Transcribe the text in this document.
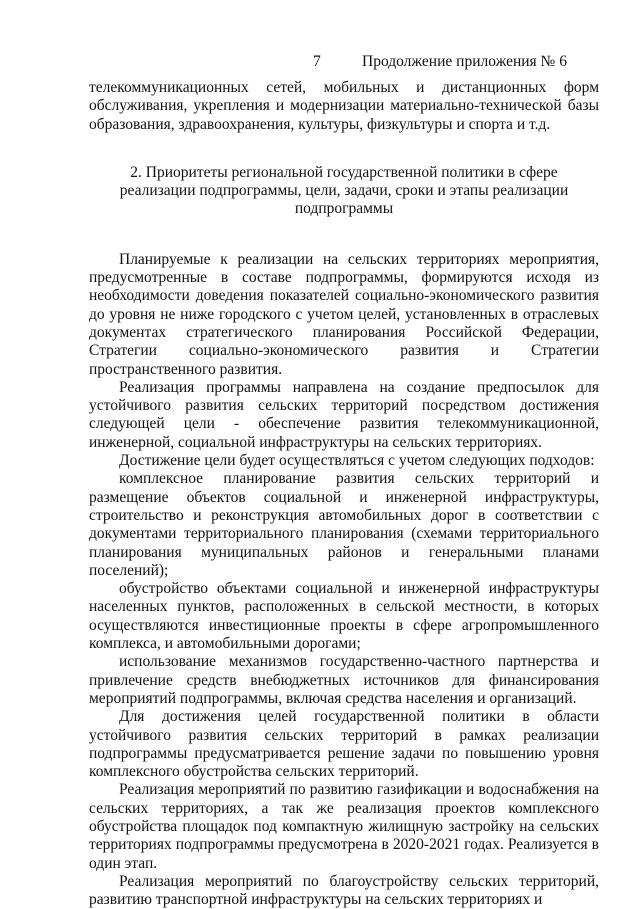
7	Продолжение приложения № 6

телекоммуникационных сетей, мобильных и дистанционных форм обслуживания, укрепления и модернизации материально-технической базы образования, здравоохранения, культуры, физкультуры и спорта и т.д.

2. Приоритеты региональной государственной политики в сфере реализации подпрограммы, цели, задачи, сроки и этапы реализации подпрограммы

Планируемые к реализации на сельских территориях мероприятия, предусмотренные в составе подпрограммы, формируются исходя из необходимости доведения показателей социально-экономического развития до уровня не ниже городского с учетом целей, установленных в отраслевых документах стратегического планирования Российской Федерации, Стратегии социально-экономического развития и Стратегии пространственного развития.

Реализация программы направлена на создание предпосылок для устойчивого развития сельских территорий посредством достижения следующей цели - обеспечение развития телекоммуникационной, инженерной, социальной инфраструктуры на сельских территориях.

Достижение цели будет осуществляться с учетом следующих подходов:

комплексное планирование развития сельских территорий и размещение объектов социальной и инженерной инфраструктуры, строительство и реконструкция автомобильных дорог в соответствии с документами территориального планирования (схемами территориального планирования муниципальных районов и генеральными планами поселений);

обустройство объектами социальной и инженерной инфраструктуры населенных пунктов, расположенных в сельской местности, в которых осуществляются инвестиционные проекты в сфере агропромышленного комплекса, и автомобильными дорогами;

использование механизмов государственно-частного партнерства и привлечение средств внебюджетных источников для финансирования мероприятий подпрограммы, включая средства населения и организаций.

Для достижения целей государственной политики в области устойчивого развития сельских территорий в рамках реализации подпрограммы предусматривается решение задачи по повышению уровня комплексного обустройства сельских территорий.

Реализация мероприятий по развитию газификации и водоснабжения на сельских территориях, а так же реализация проектов комплексного обустройства площадок под компактную жилищную застройку на сельских территориях подпрограммы предусмотрена в 2020-2021 годах. Реализуется в один этап.

Реализация мероприятий по благоустройству сельских территорий, развитию транспортной инфраструктуры на сельских территориях и
